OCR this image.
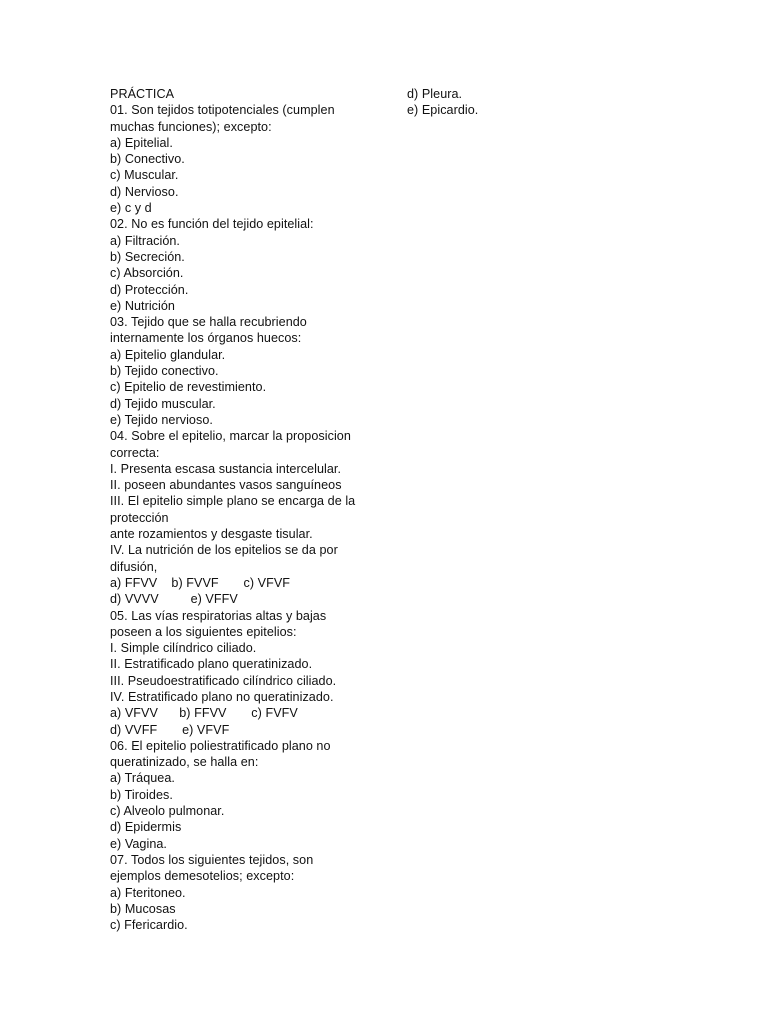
PRÁCTICA
01. Son tejidos totipotenciales (cumplen
muchas funciones); excepto:
a) Epitelial.
b) Conectivo.
c) Muscular.
d) Nervioso.
e) c y d
02. No es función del tejido epitelial:
a) Filtración.
b) Secreción.
c) Absorción.
d) Protección.
e) Nutrición
03. Tejido que se halla recubriendo
internamente los órganos huecos:
a) Epitelio glandular.
b) Tejido conectivo.
c) Epitelio de revestimiento.
d) Tejido muscular.
e) Tejido nervioso.
04. Sobre el epitelio, marcar la proposicion
correcta:
I. Presenta escasa sustancia intercelular.
II. poseen abundantes vasos sanguíneos
III. El epitelio simple plano se encarga de la
protección
ante rozamientos y desgaste tisular.
IV. La nutrición de los epitelios se da por
difusión,
a) FFVV    b) FVVF       c) VFVF
d) VVVV         e) VFFV
05. Las vías respiratorias altas y bajas
poseen a los siguientes epitelios:
I. Simple cilíndrico ciliado.
II. Estratificado plano queratinizado.
III. Pseudoestratificado cilíndrico ciliado.
IV. Estratificado plano no queratinizado.
a) VFVV      b) FFVV       c) FVFV
d) VVFF       e) VFVF
06. El epitelio poliestratificado plano no
queratinizado, se halla en:
a) Tráquea.
b) Tiroides.
c) Alveolo pulmonar.
d) Epidermis
e) Vagina.
07. Todos los siguientes tejidos, son
ejemplos demesotelios; excepto:
a) Fteritoneo.
b) Mucosas
c) Ffericardio.
d) Pleura.
e) Epicardio.
